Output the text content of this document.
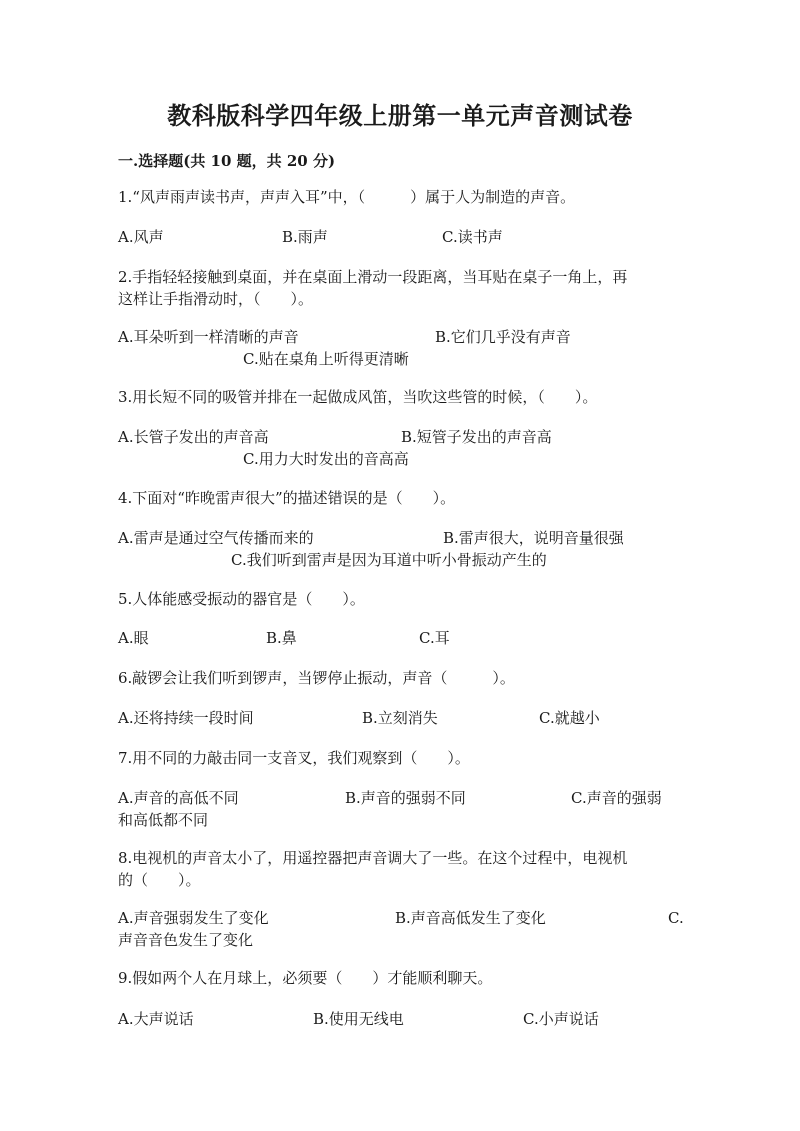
教科版科学四年级上册第一单元声音测试卷
一.选择题(共 10 题，共 20 分)
1.“风声雨声读书声，声声入耳”中，（　　　）属于人为制造的声音。
A.风声	B.雨声	C.读书声
2.手指轻轻接触到桌面，并在桌面上滑动一段距离，当耳贴在桌子一角上，再
这样让手指滑动时，（　　）。
A.耳朵听到一样清晰的声音	B.它们几乎没有声音
C.贴在桌角上听得更清晰
3.用长短不同的吸管并排在一起做成风笛，当吹这些管的时候，（　　）。
A.长管子发出的声音高	B.短管子发出的声音高
C.用力大时发出的音高高
4.下面对“昨晚雷声很大”的描述错误的是（　　）。
A.雷声是通过空气传播而来的	B.雷声很大，说明音量很强
C.我们听到雷声是因为耳道中听小骨振动产生的
5.人体能感受振动的器官是（　　）。
A.眼	B.鼻	C.耳
6.敲锣会让我们听到锣声，当锣停止振动，声音（　　　）。
A.还将持续一段时间	B.立刻消失	C.就越小
7.用不同的力敲击同一支音叉，我们观察到（　　）。
A.声音的高低不同	B.声音的强弱不同	C.声音的强弱
和高低都不同
8.电视机的声音太小了，用遥控器把声音调大了一些。在这个过程中，电视机
的（　　）。
A.声音强弱发生了变化	B.声音高低发生了变化	C.
声音音色发生了变化
9.假如两个人在月球上，必须要（　　）才能顺利聊天。
A.大声说话	B.使用无线电	C.小声说话
